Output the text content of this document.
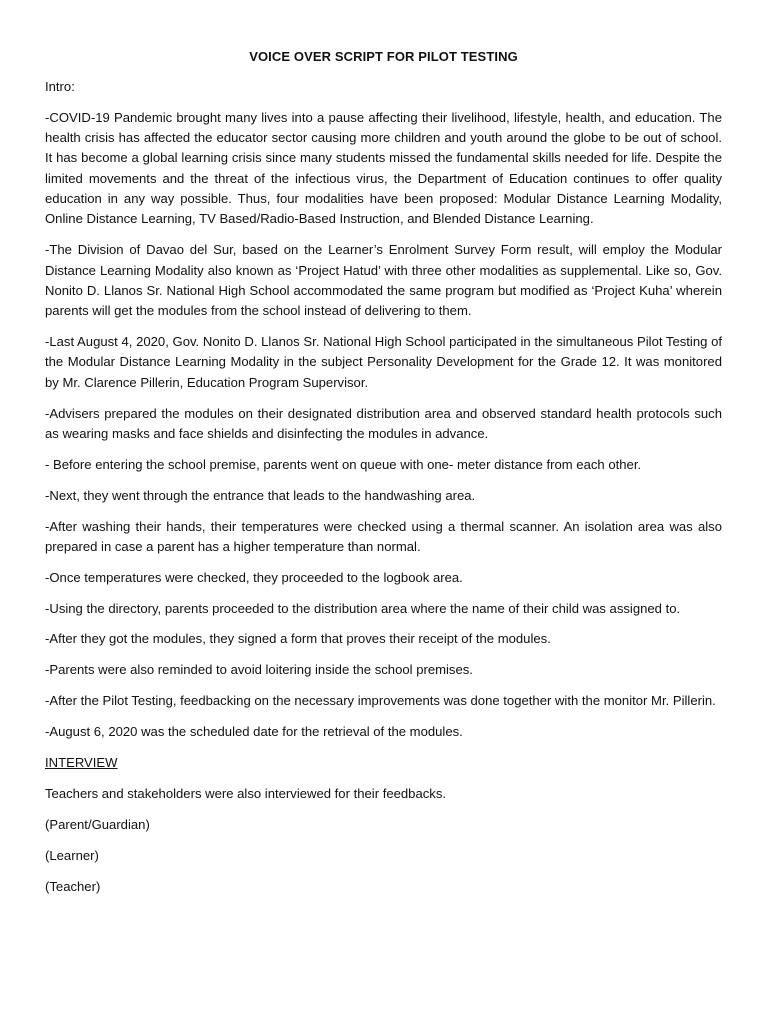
VOICE OVER SCRIPT FOR PILOT TESTING

Intro:

-COVID-19 Pandemic brought many lives into a pause affecting their livelihood, lifestyle, health, and education. The health crisis has affected the educator sector causing more children and youth around the globe to be out of school. It has become a global learning crisis since many students missed the fundamental skills needed for life. Despite the limited movements and the threat of the infectious virus, the Department of Education continues to offer quality education in any way possible. Thus, four modalities have been proposed: Modular Distance Learning Modality, Online Distance Learning, TV Based/Radio-Based Instruction, and Blended Distance Learning.

-The Division of Davao del Sur, based on the Learner’s Enrolment Survey Form result, will employ the Modular Distance Learning Modality also known as ‘Project Hatud’ with three other modalities as supplemental. Like so, Gov. Nonito D. Llanos Sr. National High School accommodated the same program but modified as ‘Project Kuha’ wherein parents will get the modules from the school instead of delivering to them.

-Last August 4, 2020, Gov. Nonito D. Llanos Sr. National High School participated in the simultaneous Pilot Testing of the Modular Distance Learning Modality in the subject Personality Development for the Grade 12. It was monitored by Mr. Clarence Pillerin, Education Program Supervisor.

-Advisers prepared the modules on their designated distribution area and observed standard health protocols such as wearing masks and face shields and disinfecting the modules in advance.

- Before entering the school premise, parents went on queue with one- meter distance from each other.

-Next, they went through the entrance that leads to the handwashing area.

-After washing their hands, their temperatures were checked using a thermal scanner. An isolation area was also prepared in case a parent has a higher temperature than normal.

-Once temperatures were checked, they proceeded to the logbook area.

-Using the directory, parents proceeded to the distribution area where the name of their child was assigned to.

-After they got the modules, they signed a form that proves their receipt of the modules.

-Parents were also reminded to avoid loitering inside the school premises.

-After the Pilot Testing, feedbacking on the necessary improvements was done together with the monitor Mr. Pillerin.

-August 6, 2020 was the scheduled date for the retrieval of the modules.

INTERVIEW

Teachers and stakeholders were also interviewed for their feedbacks.

(Parent/Guardian)

(Learner)

(Teacher)
